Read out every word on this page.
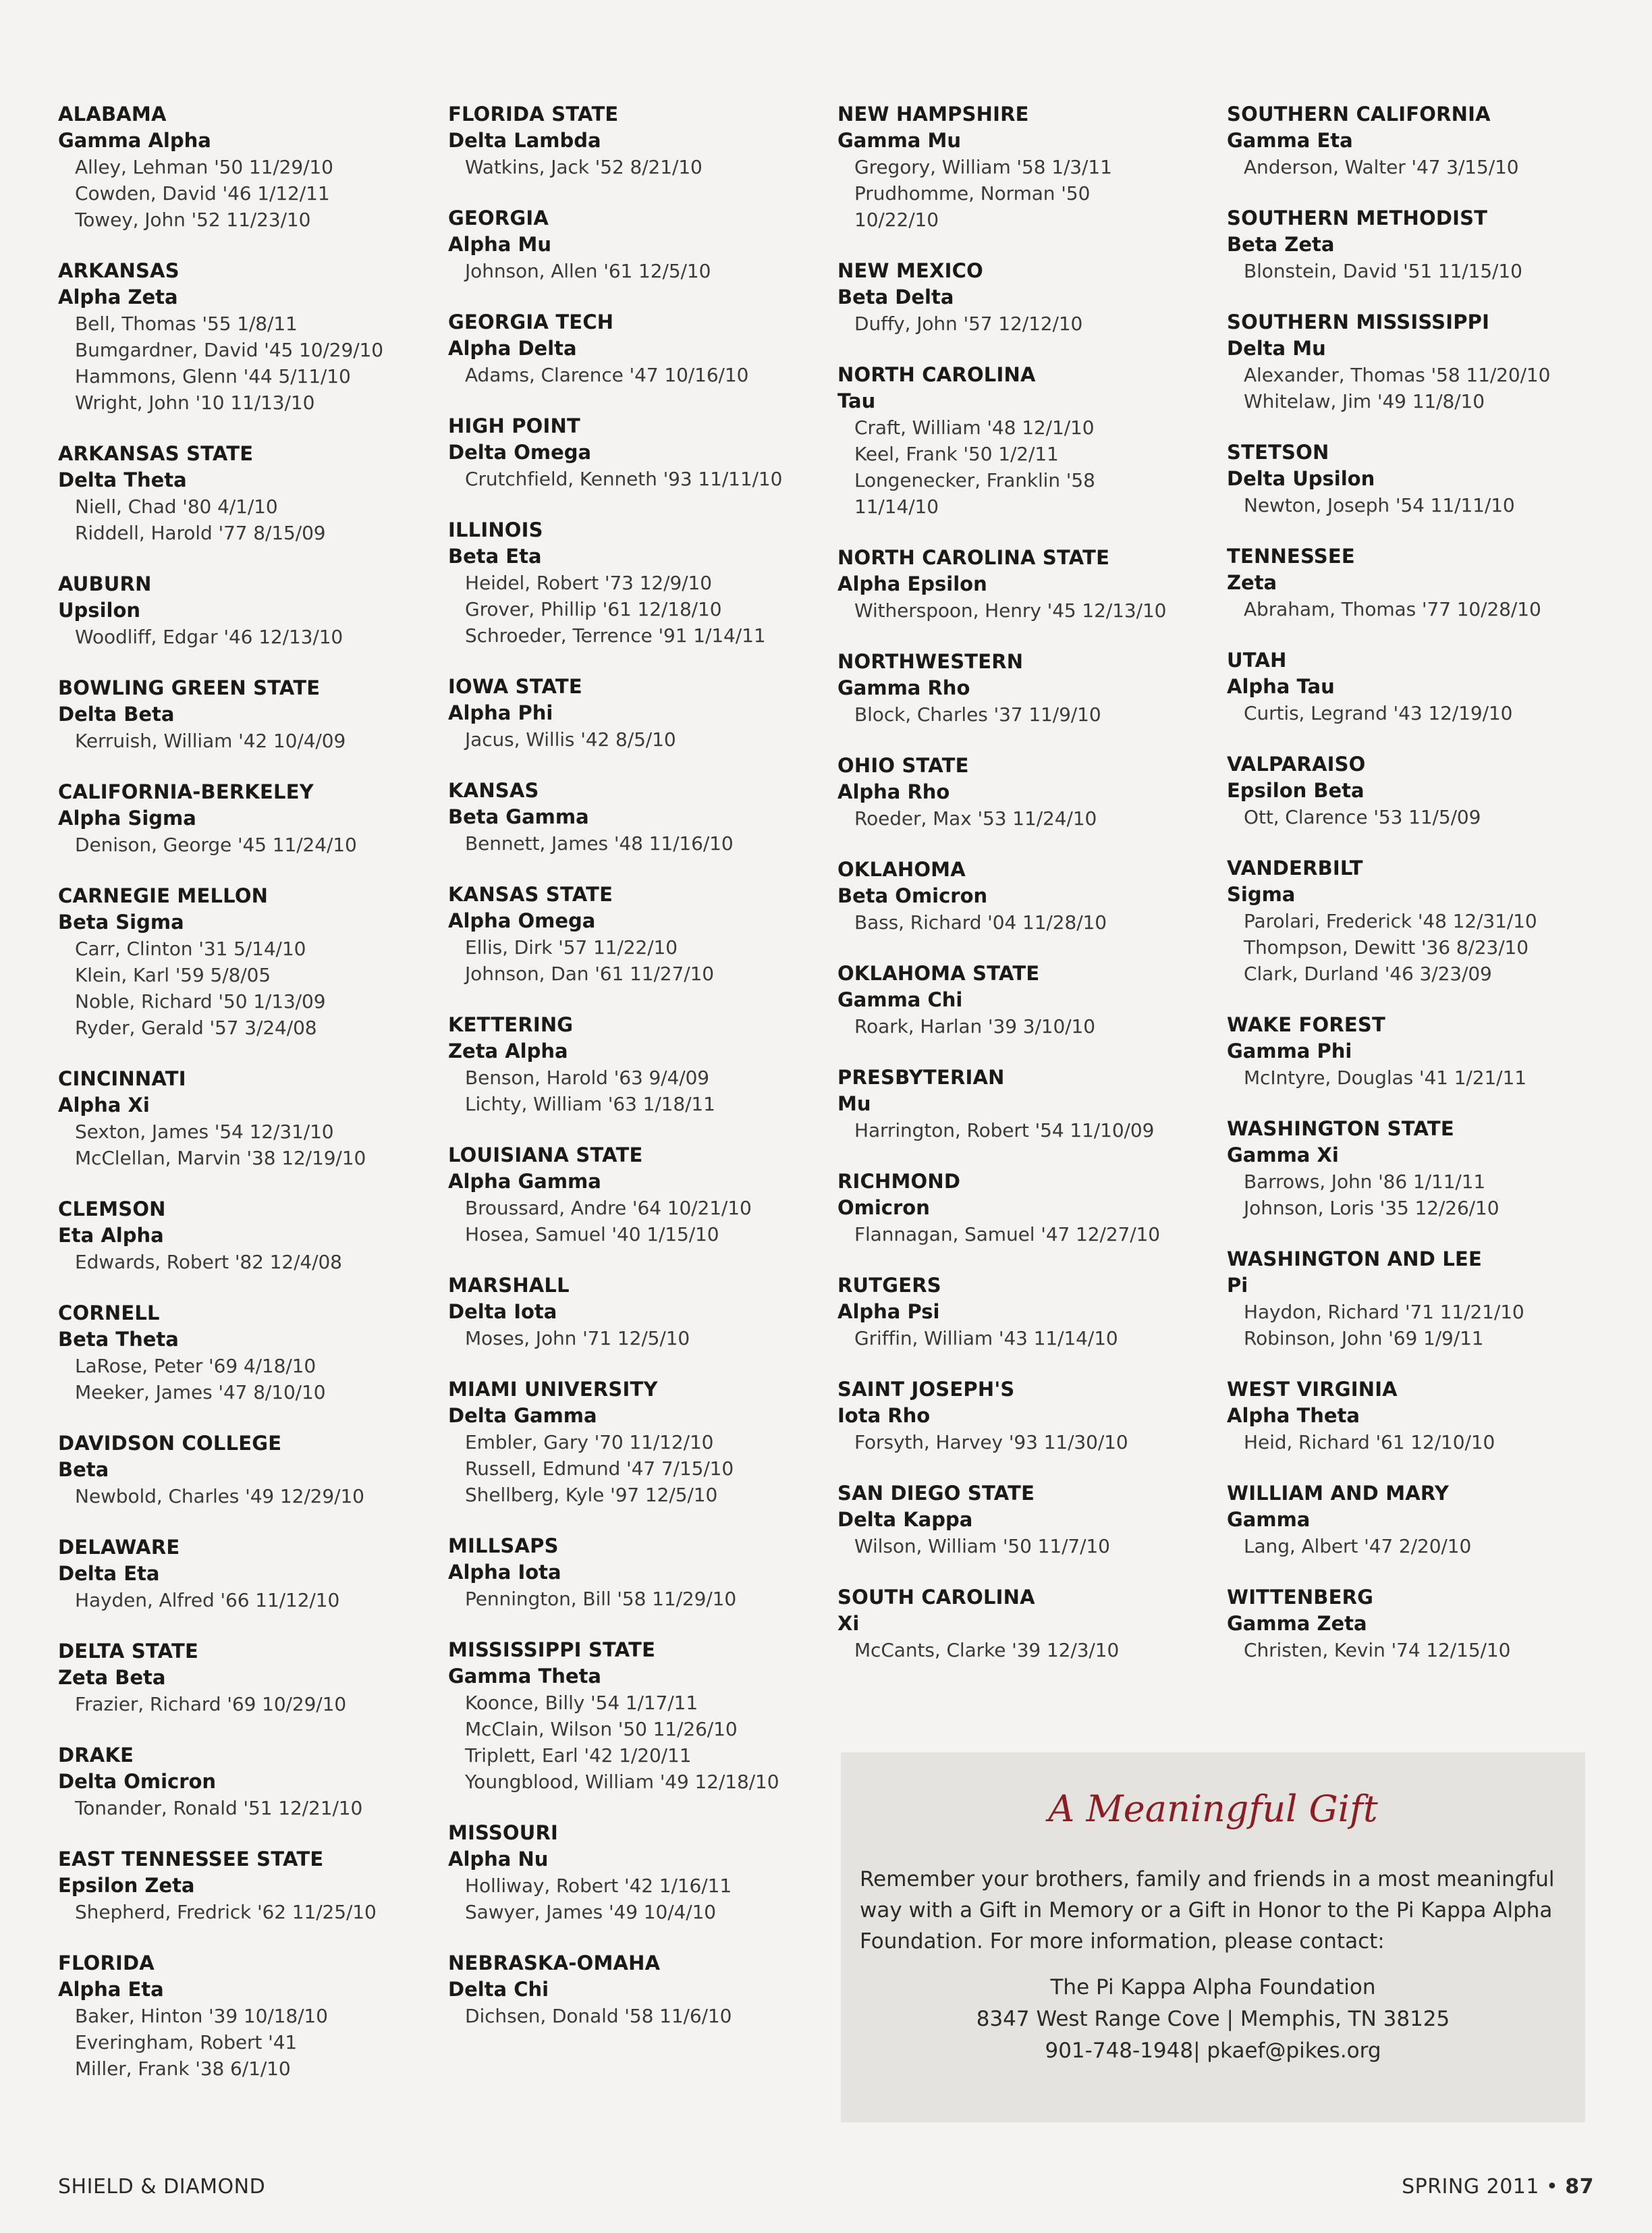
ALABAMA
Gamma Alpha
Alley, Lehman '50 11/29/10
Cowden, David '46 1/12/11
Towey, John '52 11/23/10
ARKANSAS
Alpha Zeta
Bell, Thomas '55 1/8/11
Bumgardner, David '45 10/29/10
Hammons, Glenn '44 5/11/10
Wright, John '10 11/13/10
ARKANSAS STATE
Delta Theta
Niell, Chad '80 4/1/10
Riddell, Harold '77 8/15/09
AUBURN
Upsilon
Woodliff, Edgar '46 12/13/10
BOWLING GREEN STATE
Delta Beta
Kerruish, William '42 10/4/09
CALIFORNIA-BERKELEY
Alpha Sigma
Denison, George '45 11/24/10
CARNEGIE MELLON
Beta Sigma
Carr, Clinton '31 5/14/10
Klein, Karl '59 5/8/05
Noble, Richard '50 1/13/09
Ryder, Gerald '57 3/24/08
CINCINNATI
Alpha Xi
Sexton, James '54 12/31/10
McClellan, Marvin '38 12/19/10
CLEMSON
Eta Alpha
Edwards, Robert '82 12/4/08
CORNELL
Beta Theta
LaRose, Peter '69 4/18/10
Meeker, James '47 8/10/10
DAVIDSON COLLEGE
Beta
Newbold, Charles '49 12/29/10
DELAWARE
Delta Eta
Hayden, Alfred '66 11/12/10
DELTA STATE
Zeta Beta
Frazier, Richard '69 10/29/10
DRAKE
Delta Omicron
Tonander, Ronald '51 12/21/10
EAST TENNESSEE STATE
Epsilon Zeta
Shepherd, Fredrick '62 11/25/10
FLORIDA
Alpha Eta
Baker, Hinton '39 10/18/10
Everingham, Robert '41
Miller, Frank '38 6/1/10
FLORIDA STATE
Delta Lambda
Watkins, Jack '52 8/21/10
GEORGIA
Alpha Mu
Johnson, Allen '61 12/5/10
GEORGIA TECH
Alpha Delta
Adams, Clarence '47 10/16/10
HIGH POINT
Delta Omega
Crutchfield, Kenneth '93 11/11/10
ILLINOIS
Beta Eta
Heidel, Robert '73 12/9/10
Grover, Phillip '61 12/18/10
Schroeder, Terrence '91 1/14/11
IOWA STATE
Alpha Phi
Jacus, Willis '42 8/5/10
KANSAS
Beta Gamma
Bennett, James '48 11/16/10
KANSAS STATE
Alpha Omega
Ellis, Dirk '57 11/22/10
Johnson, Dan '61 11/27/10
KETTERING
Zeta Alpha
Benson, Harold '63 9/4/09
Lichty, William '63 1/18/11
LOUISIANA STATE
Alpha Gamma
Broussard, Andre '64 10/21/10
Hosea, Samuel '40 1/15/10
MARSHALL
Delta Iota
Moses, John '71 12/5/10
MIAMI UNIVERSITY
Delta Gamma
Embler, Gary '70 11/12/10
Russell, Edmund '47 7/15/10
Shellberg, Kyle '97 12/5/10
MILLSAPS
Alpha Iota
Pennington, Bill '58 11/29/10
MISSISSIPPI STATE
Gamma Theta
Koonce, Billy '54 1/17/11
McClain, Wilson '50 11/26/10
Triplett, Earl '42 1/20/11
Youngblood, William '49 12/18/10
MISSOURI
Alpha Nu
Holliway, Robert '42 1/16/11
Sawyer, James '49 10/4/10
NEBRASKA-OMAHA
Delta Chi
Dichsen, Donald '58 11/6/10
NEW HAMPSHIRE
Gamma Mu
Gregory, William '58 1/3/11
Prudhomme, Norman '50
10/22/10
NEW MEXICO
Beta Delta
Duffy, John '57 12/12/10
NORTH CAROLINA
Tau
Craft, William '48 12/1/10
Keel, Frank '50 1/2/11
Longenecker, Franklin '58
11/14/10
NORTH CAROLINA STATE
Alpha Epsilon
Witherspoon, Henry '45 12/13/10
NORTHWESTERN
Gamma Rho
Block, Charles '37 11/9/10
OHIO STATE
Alpha Rho
Roeder, Max '53 11/24/10
OKLAHOMA
Beta Omicron
Bass, Richard '04 11/28/10
OKLAHOMA STATE
Gamma Chi
Roark, Harlan '39 3/10/10
PRESBYTERIAN
Mu
Harrington, Robert '54 11/10/09
RICHMOND
Omicron
Flannagan, Samuel '47 12/27/10
RUTGERS
Alpha Psi
Griffin, William '43 11/14/10
SAINT JOSEPH'S
Iota Rho
Forsyth, Harvey '93 11/30/10
SAN DIEGO STATE
Delta Kappa
Wilson, William '50 11/7/10
SOUTH CAROLINA
Xi
McCants, Clarke '39 12/3/10
SOUTHERN CALIFORNIA
Gamma Eta
Anderson, Walter '47 3/15/10
SOUTHERN METHODIST
Beta Zeta
Blonstein, David '51 11/15/10
SOUTHERN MISSISSIPPI
Delta Mu
Alexander, Thomas '58 11/20/10
Whitelaw, Jim '49 11/8/10
STETSON
Delta Upsilon
Newton, Joseph '54 11/11/10
TENNESSEE
Zeta
Abraham, Thomas '77 10/28/10
UTAH
Alpha Tau
Curtis, Legrand '43 12/19/10
VALPARAISO
Epsilon Beta
Ott, Clarence '53 11/5/09
VANDERBILT
Sigma
Parolari, Frederick '48 12/31/10
Thompson, Dewitt '36 8/23/10
Clark, Durland '46 3/23/09
WAKE FOREST
Gamma Phi
McIntyre, Douglas '41 1/21/11
WASHINGTON STATE
Gamma Xi
Barrows, John '86 1/11/11
Johnson, Loris '35 12/26/10
WASHINGTON AND LEE
Pi
Haydon, Richard '71 11/21/10
Robinson, John '69 1/9/11
WEST VIRGINIA
Alpha Theta
Heid, Richard '61 12/10/10
WILLIAM AND MARY
Gamma
Lang, Albert '47 2/20/10
WITTENBERG
Gamma Zeta
Christen, Kevin '74 12/15/10
A Meaningful Gift
Remember your brothers, family and friends in a most meaningful way with a Gift in Memory or a Gift in Honor to the Pi Kappa Alpha Foundation. For more information, please contact:
The Pi Kappa Alpha Foundation
8347 West Range Cove | Memphis, TN 38125
901-748-1948| pkaef@pikes.org
SHIELD & DIAMOND	SPRING 2011 • 87
